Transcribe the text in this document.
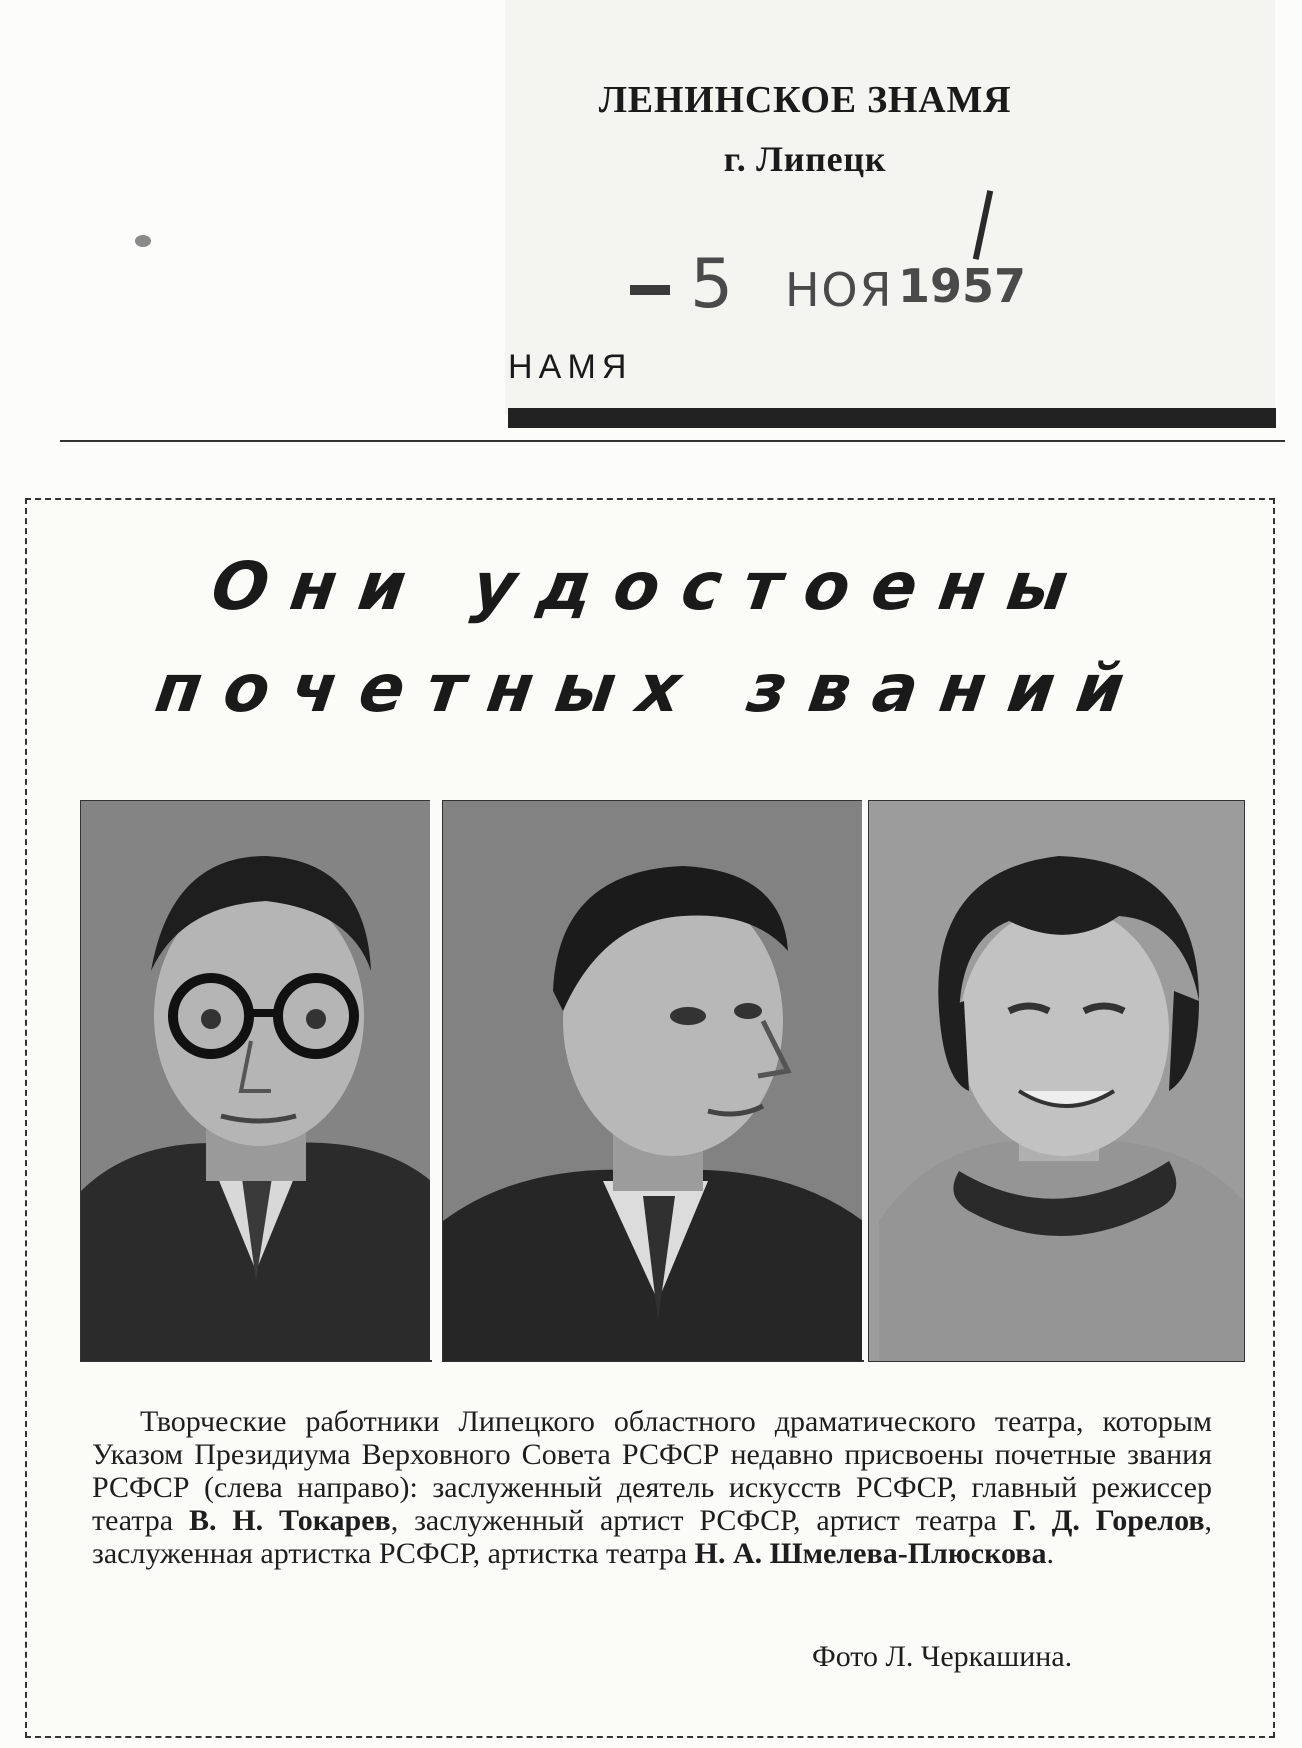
ЛЕНИНСКОЕ ЗНАМЯ
г. Липецк
5 НОЯ 1957
НАМЯ
Они удостоены
почетных званий
Творческие работники Липецкого областного драматического театра, которым Указом Президиума Верховного Совета РСФСР недавно присвоены почетные звания РСФСР (слева направо): заслуженный деятель искусств РСФСР, главный режиссер театра В. Н. Токарев, заслуженный артист РСФСР, артист театра Г. Д. Горелов, заслуженная артистка РСФСР, артистка театра Н. А. Шмелева-Плюскова.
Фото Л. Черкашина.
